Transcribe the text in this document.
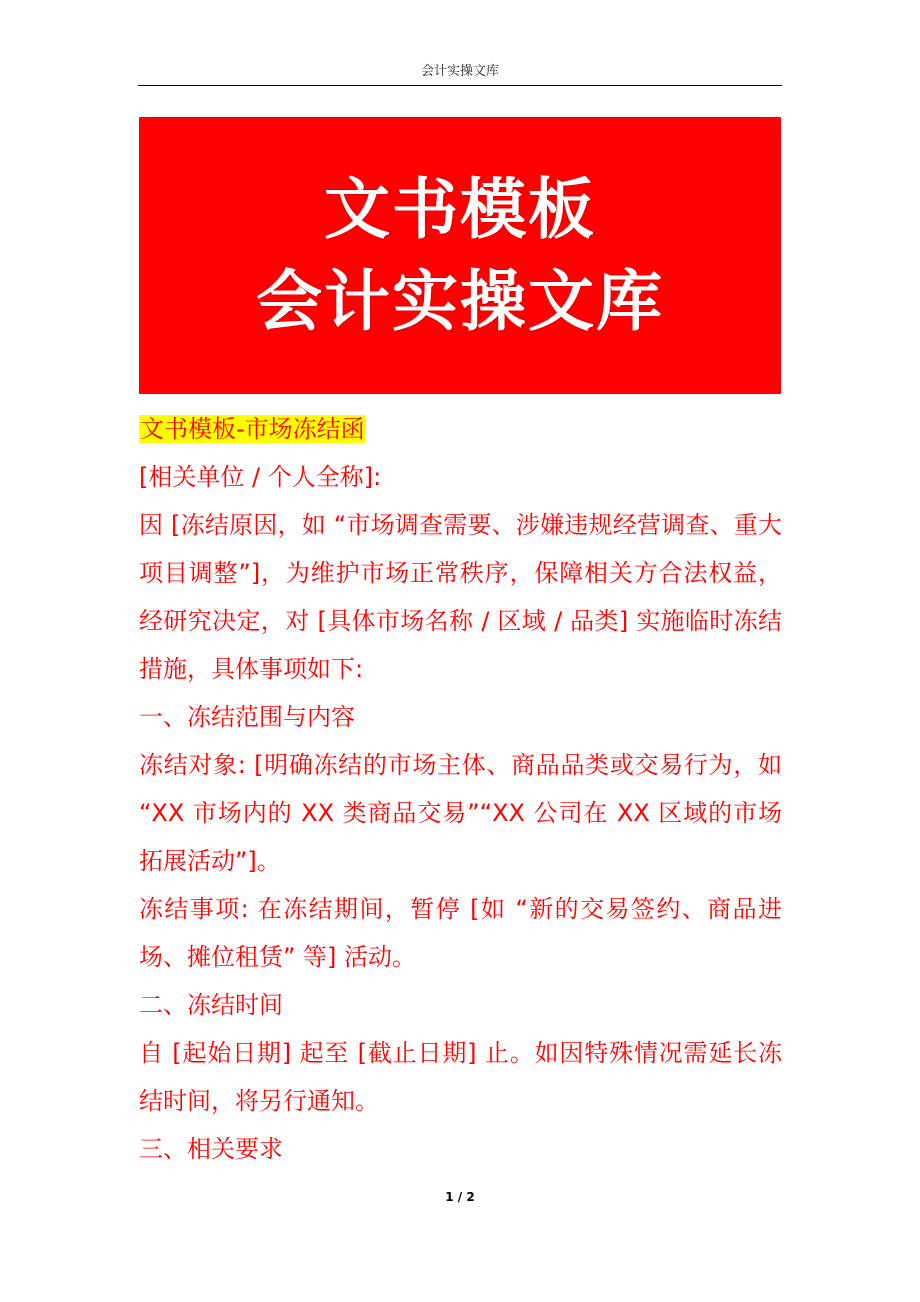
会计实操文库
文书模板
会计实操文库

文书模板-市场冻结函

[相关单位 / 个人全称]:

因 [冻结原因，如 “市场调查需要、涉嫌违规经营调查、重大项目调整”]，为维护市场正常秩序，保障相关方合法权益，经研究决定，对 [具体市场名称 / 区域 / 品类] 实施临时冻结措施，具体事项如下:

一、冻结范围与内容

冻结对象: [明确冻结的市场主体、商品品类或交易行为，如 “XX 市场内的 XX 类商品交易”“XX 公司在 XX 区域的市场拓展活动”]。

冻结事项: 在冻结期间，暂停 [如 “新的交易签约、商品进场、摊位租赁” 等] 活动。

二、冻结时间

自 [起始日期] 起至 [截止日期] 止。如因特殊情况需延长冻结时间，将另行通知。

三、相关要求

1 / 2
